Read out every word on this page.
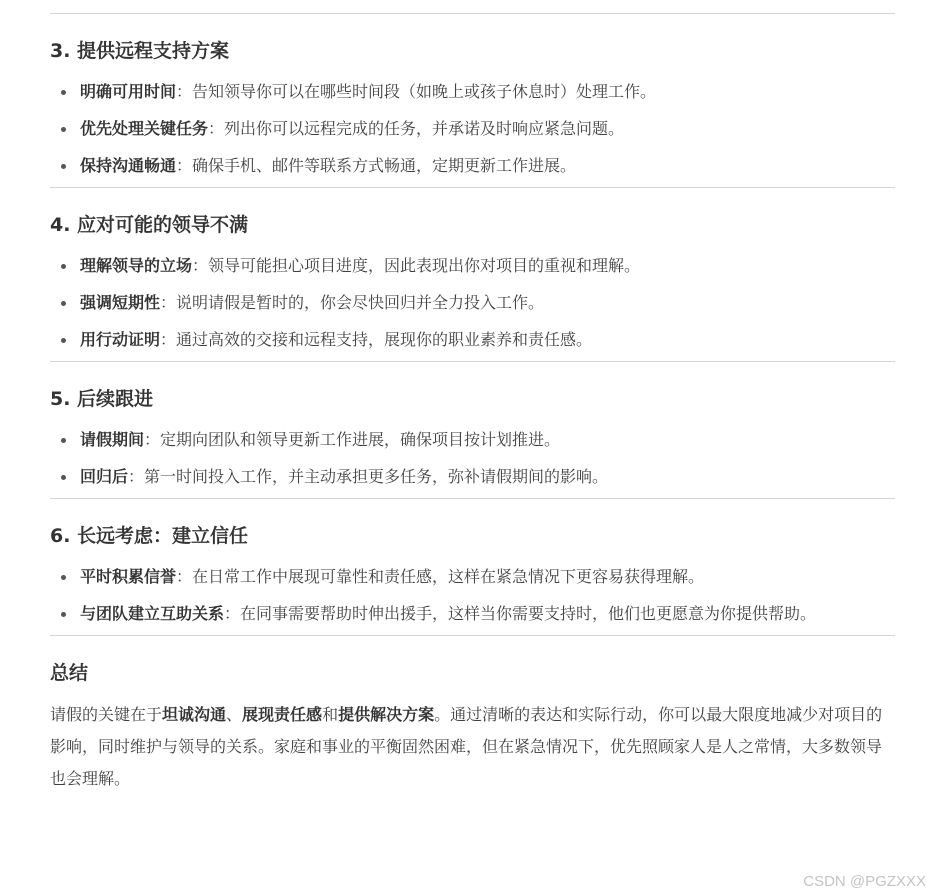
3. 提供远程支持方案
明确可用时间：告知领导你可以在哪些时间段（如晚上或孩子休息时）处理工作。
优先处理关键任务：列出你可以远程完成的任务，并承诺及时响应紧急问题。
保持沟通畅通：确保手机、邮件等联系方式畅通，定期更新工作进展。
4. 应对可能的领导不满
理解领导的立场：领导可能担心项目进度，因此表现出你对项目的重视和理解。
强调短期性：说明请假是暂时的，你会尽快回归并全力投入工作。
用行动证明：通过高效的交接和远程支持，展现你的职业素养和责任感。
5. 后续跟进
请假期间：定期向团队和领导更新工作进展，确保项目按计划推进。
回归后：第一时间投入工作，并主动承担更多任务，弥补请假期间的影响。
6. 长远考虑：建立信任
平时积累信誉：在日常工作中展现可靠性和责任感，这样在紧急情况下更容易获得理解。
与团队建立互助关系：在同事需要帮助时伸出援手，这样当你需要支持时，他们也更愿意为你提供帮助。
总结

请假的关键在于坦诚沟通、展现责任感和提供解决方案。通过清晰的表达和实际行动，你可以最大限度地减少对项目的影响，同时维护与领导的关系。家庭和事业的平衡固然困难，但在紧急情况下，优先照顾家人是人之常情，大多数领导也会理解。

CSDN @PGZXXX
